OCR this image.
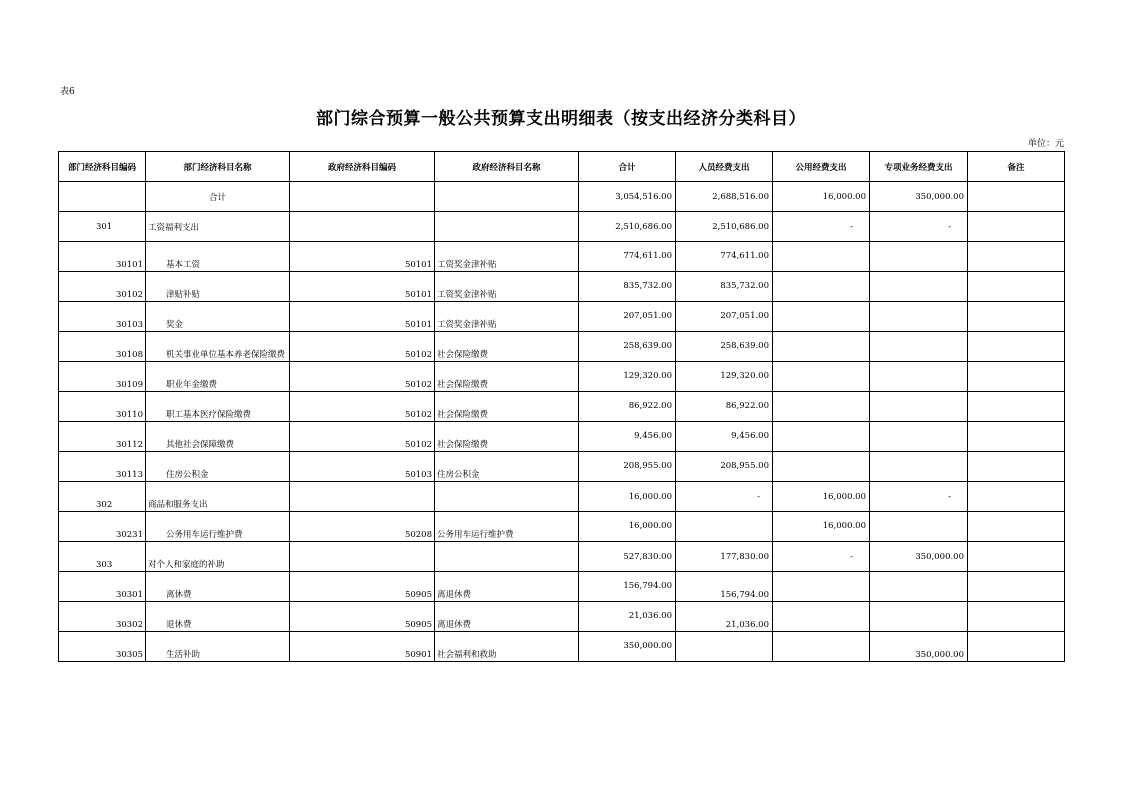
表6
部门综合预算一般公共预算支出明细表（按支出经济分类科目）
单位：元
部门经济科目编码	部门经济科目名称	政府经济科目编码	政府经济科目名称	合计	人员经费支出	公用经费支出	专项业务经费支出	备注

	合计			3,054,516.00	2,688,516.00	16,000.00	350,000.00	

301	工资福利支出			2,510,686.00	2,510,686.00	-	-	

30101	基本工资	50101	工资奖金津补贴	774,611.00	774,611.00			

30102	津贴补贴	50101	工资奖金津补贴	835,732.00	835,732.00			

30103	奖金	50101	工资奖金津补贴	207,051.00	207,051.00			

30108	机关事业单位基本养老保险缴费	50102	社会保险缴费	258,639.00	258,639.00			

30109	职业年金缴费	50102	社会保险缴费	129,320.00	129,320.00			

30110	职工基本医疗保险缴费	50102	社会保险缴费	86,922.00	86,922.00			

30112	其他社会保障缴费	50102	社会保险缴费	9,456.00	9,456.00			

30113	住房公积金	50103	住房公积金	208,955.00	208,955.00			

302	商品和服务支出			16,000.00	-	16,000.00	-	

30231	公务用车运行维护费	50208	公务用车运行维护费	16,000.00		16,000.00		

303	对个人和家庭的补助			527,830.00	177,830.00	-	350,000.00	

30301	离休费	50905	离退休费	156,794.00	156,794.00			

30302	退休费	50905	离退休费	21,036.00	21,036.00			

30305	生活补助	50901	社会福利和救助	350,000.00			350,000.00	
